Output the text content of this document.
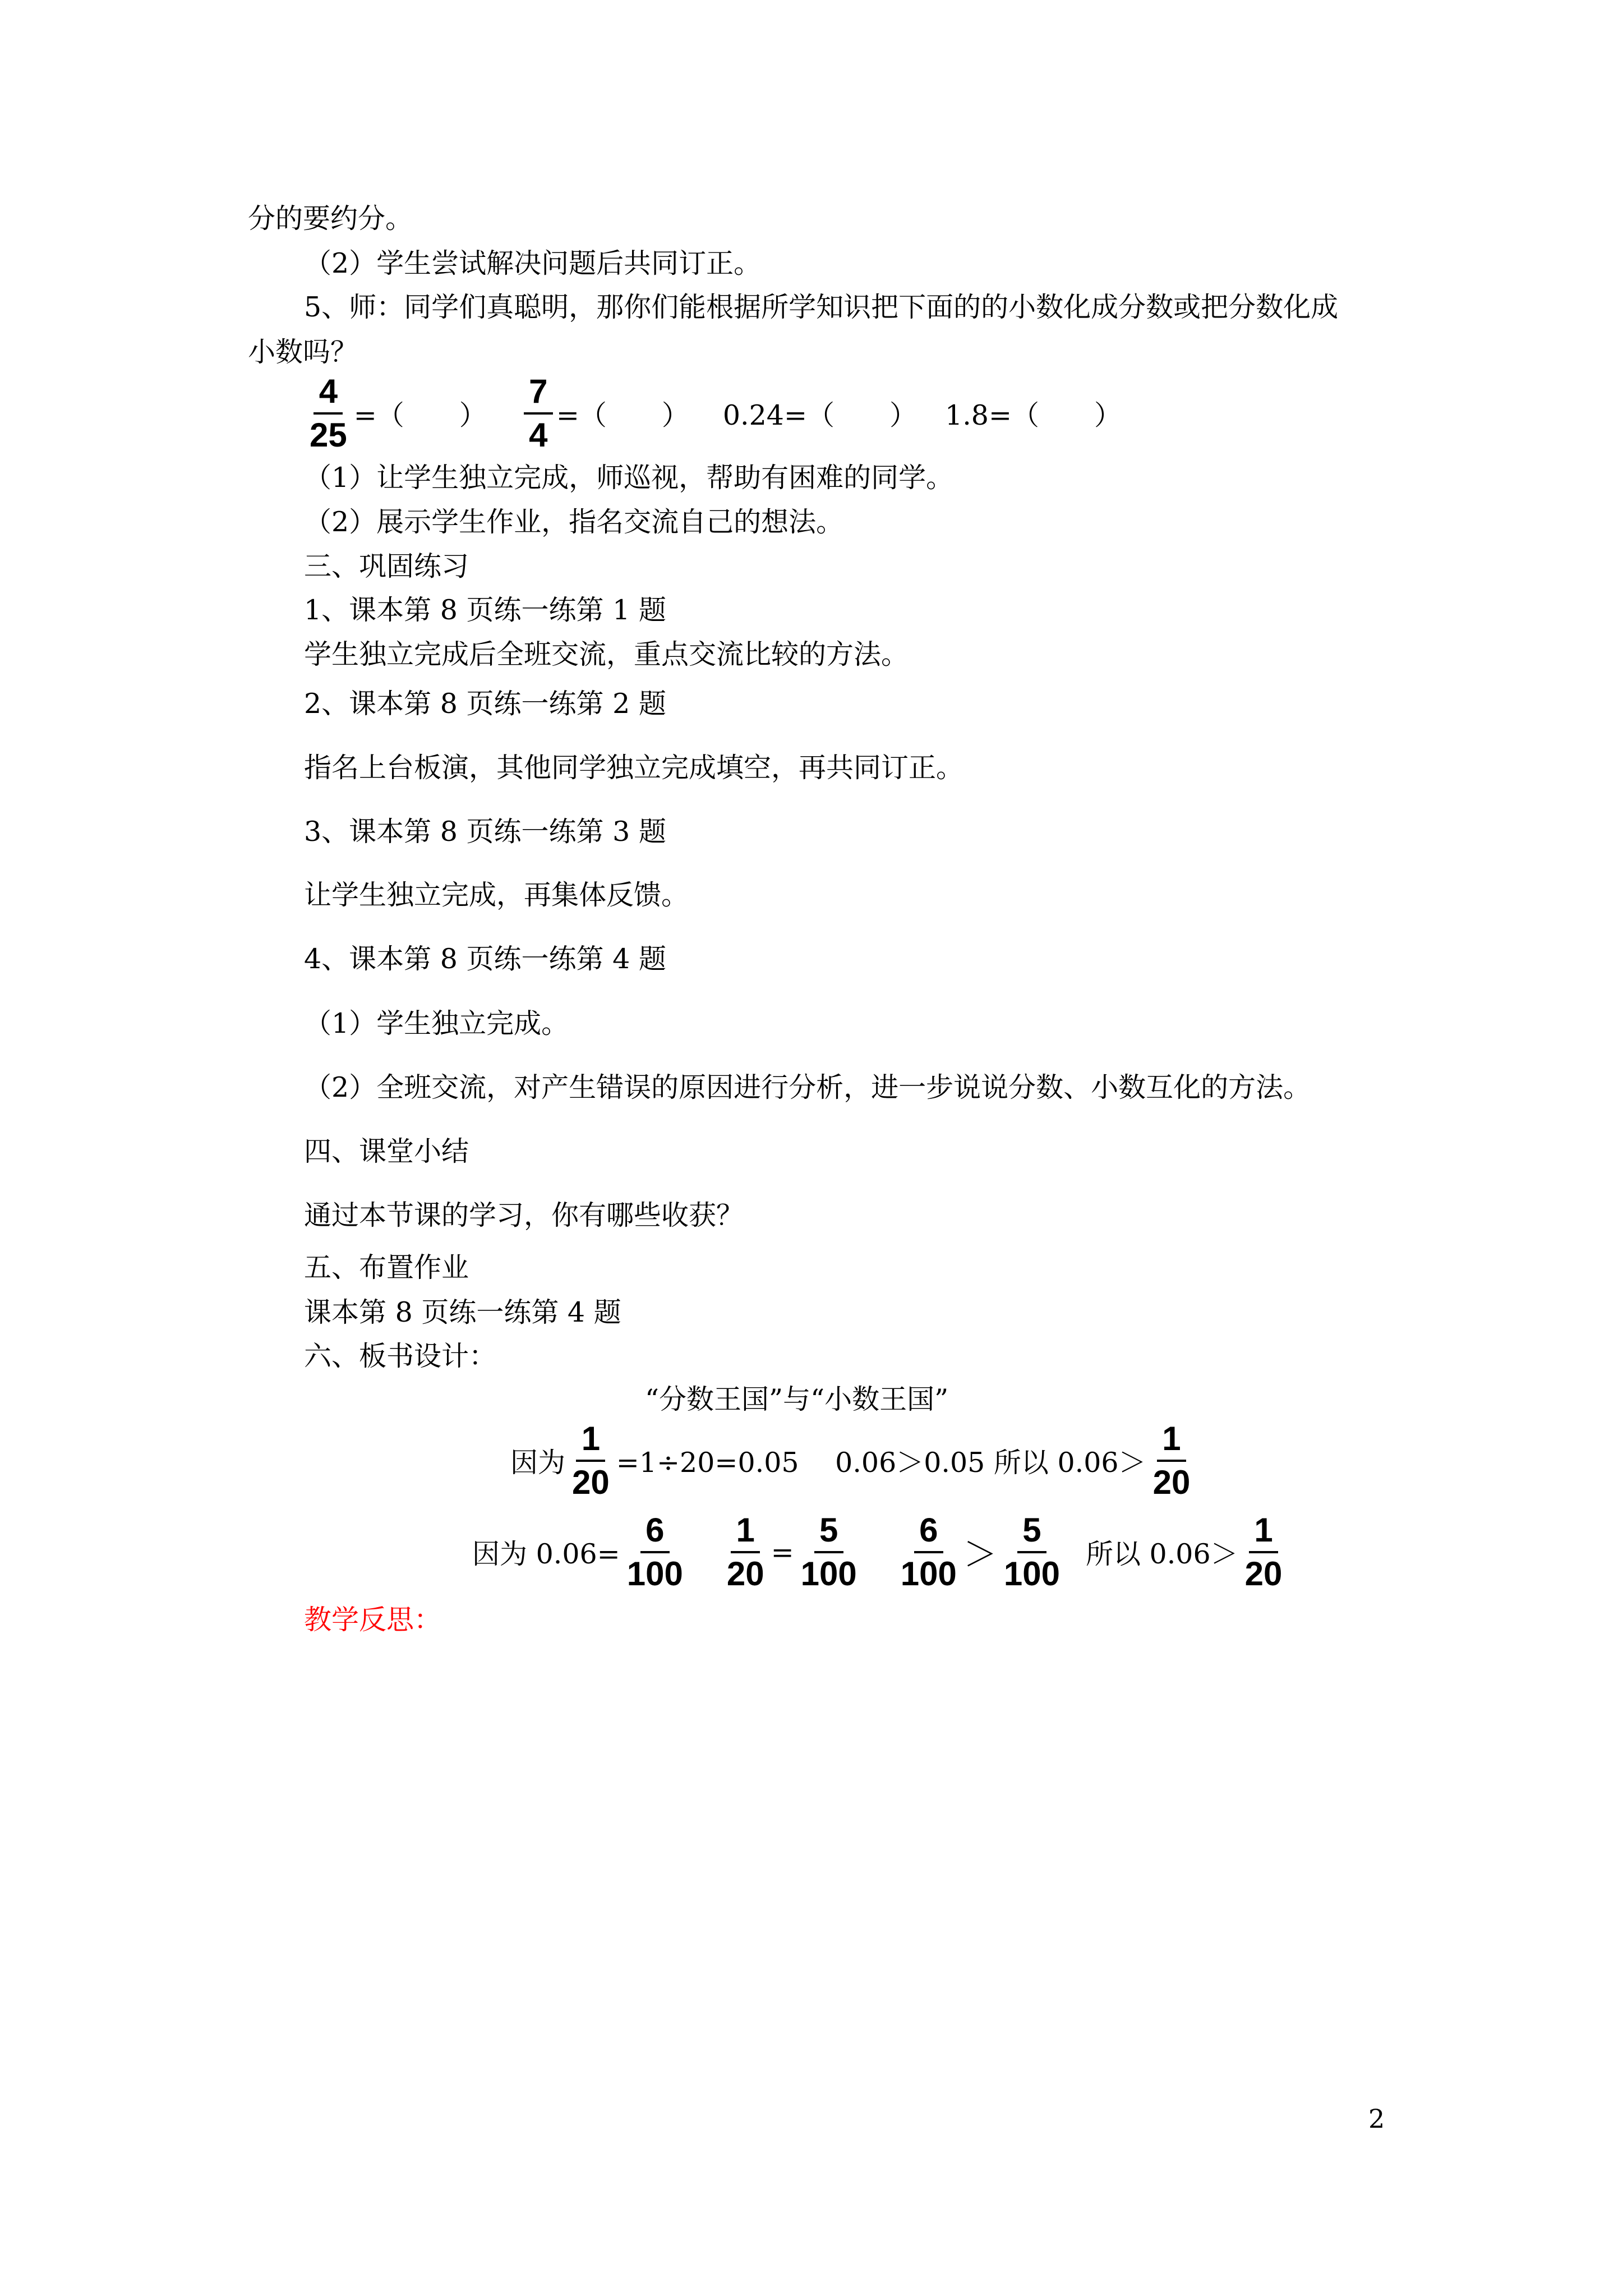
分的要约分。
（2）学生尝试解决问题后共同订正。
5、师：同学们真聪明，那你们能根据所学知识把下面的的小数化成分数或把分数化成
小数吗？
$\frac{4}{25}$ =（　　） $\frac{7}{4}$ =（　　） 0.24=（　　） 1.8=（　　）
（1）让学生独立完成，师巡视，帮助有困难的同学。
（2）展示学生作业，指名交流自己的想法。
三、巩固练习
1、课本第 8 页练一练第 1 题
学生独立完成后全班交流，重点交流比较的方法。
2、课本第 8 页练一练第 2 题
指名上台板演，其他同学独立完成填空，再共同订正。
3、课本第 8 页练一练第 3 题
让学生独立完成，再集体反馈。
4、课本第 8 页练一练第 4 题
（1）学生独立完成。
（2）全班交流，对产生错误的原因进行分析，进一步说说分数、小数互化的方法。
四、课堂小结
通过本节课的学习，你有哪些收获？
五、布置作业
课本第 8 页练一练第 4 题
六、板书设计：
“分数王国”与“小数王国”
因为 $\frac{1}{20} =1\div 20=0.05$　 0.06＞0.05 所以 $0.06> \frac{1}{20}$
因为 $0.06= \frac{6}{100} \frac{1}{20} = \frac{5}{100} \frac{6}{100} > \frac{5}{100}$ 所以 $0.06> \frac{1}{20}$
教学反思：
2
